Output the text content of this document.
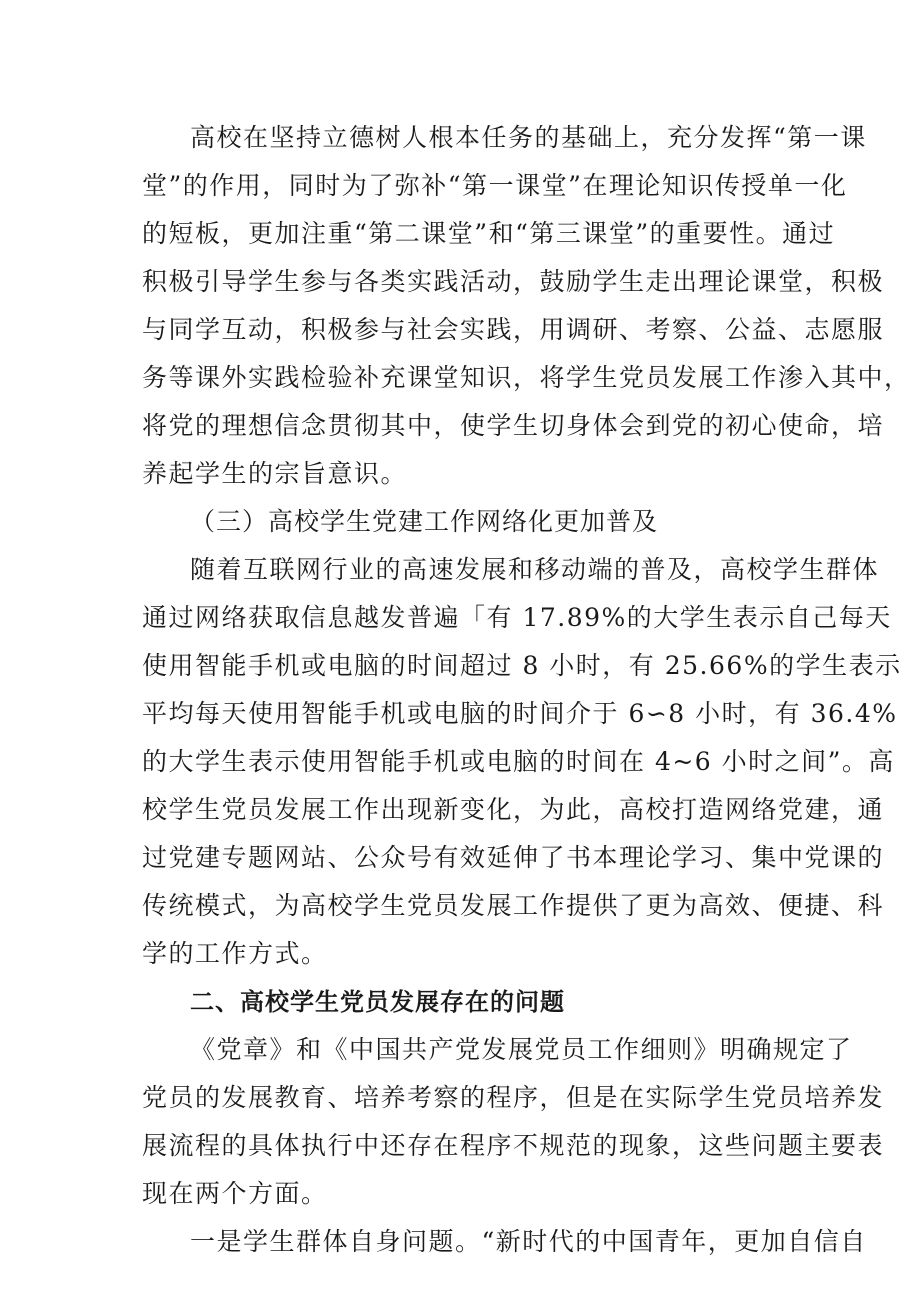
高校在坚持立德树人根本任务的基础上，充分发挥“第一课
堂”的作用，同时为了弥补“第一课堂”在理论知识传授单一化
的短板，更加注重“第二课堂”和“第三课堂”的重要性。通过
积极引导学生参与各类实践活动，鼓励学生走出理论课堂，积极
与同学互动，积极参与社会实践，用调研、考察、公益、志愿服
务等课外实践检验补充课堂知识，将学生党员发展工作渗入其中，
将党的理想信念贯彻其中，使学生切身体会到党的初心使命，培
养起学生的宗旨意识。
（三）高校学生党建工作网络化更加普及
随着互联网行业的高速发展和移动端的普及，高校学生群体
通过网络获取信息越发普遍「有 17.89%的大学生表示自己每天
使用智能手机或电脑的时间超过 8 小时，有 25.66%的学生表示
平均每天使用智能手机或电脑的时间介于 6∽8 小时，有 36.4%
的大学生表示使用智能手机或电脑的时间在 4~6 小时之间”。高
校学生党员发展工作出现新变化，为此，高校打造网络党建，通
过党建专题网站、公众号有效延伸了书本理论学习、集中党课的
传统模式，为高校学生党员发展工作提供了更为高效、便捷、科
学的工作方式。
二、高校学生党员发展存在的问题
《党章》和《中国共产党发展党员工作细则》明确规定了
党员的发展教育、培养考察的程序，但是在实际学生党员培养发
展流程的具体执行中还存在程序不规范的现象，这些问题主要表
现在两个方面。
一是学生群体自身问题。“新时代的中国青年，更加自信自
